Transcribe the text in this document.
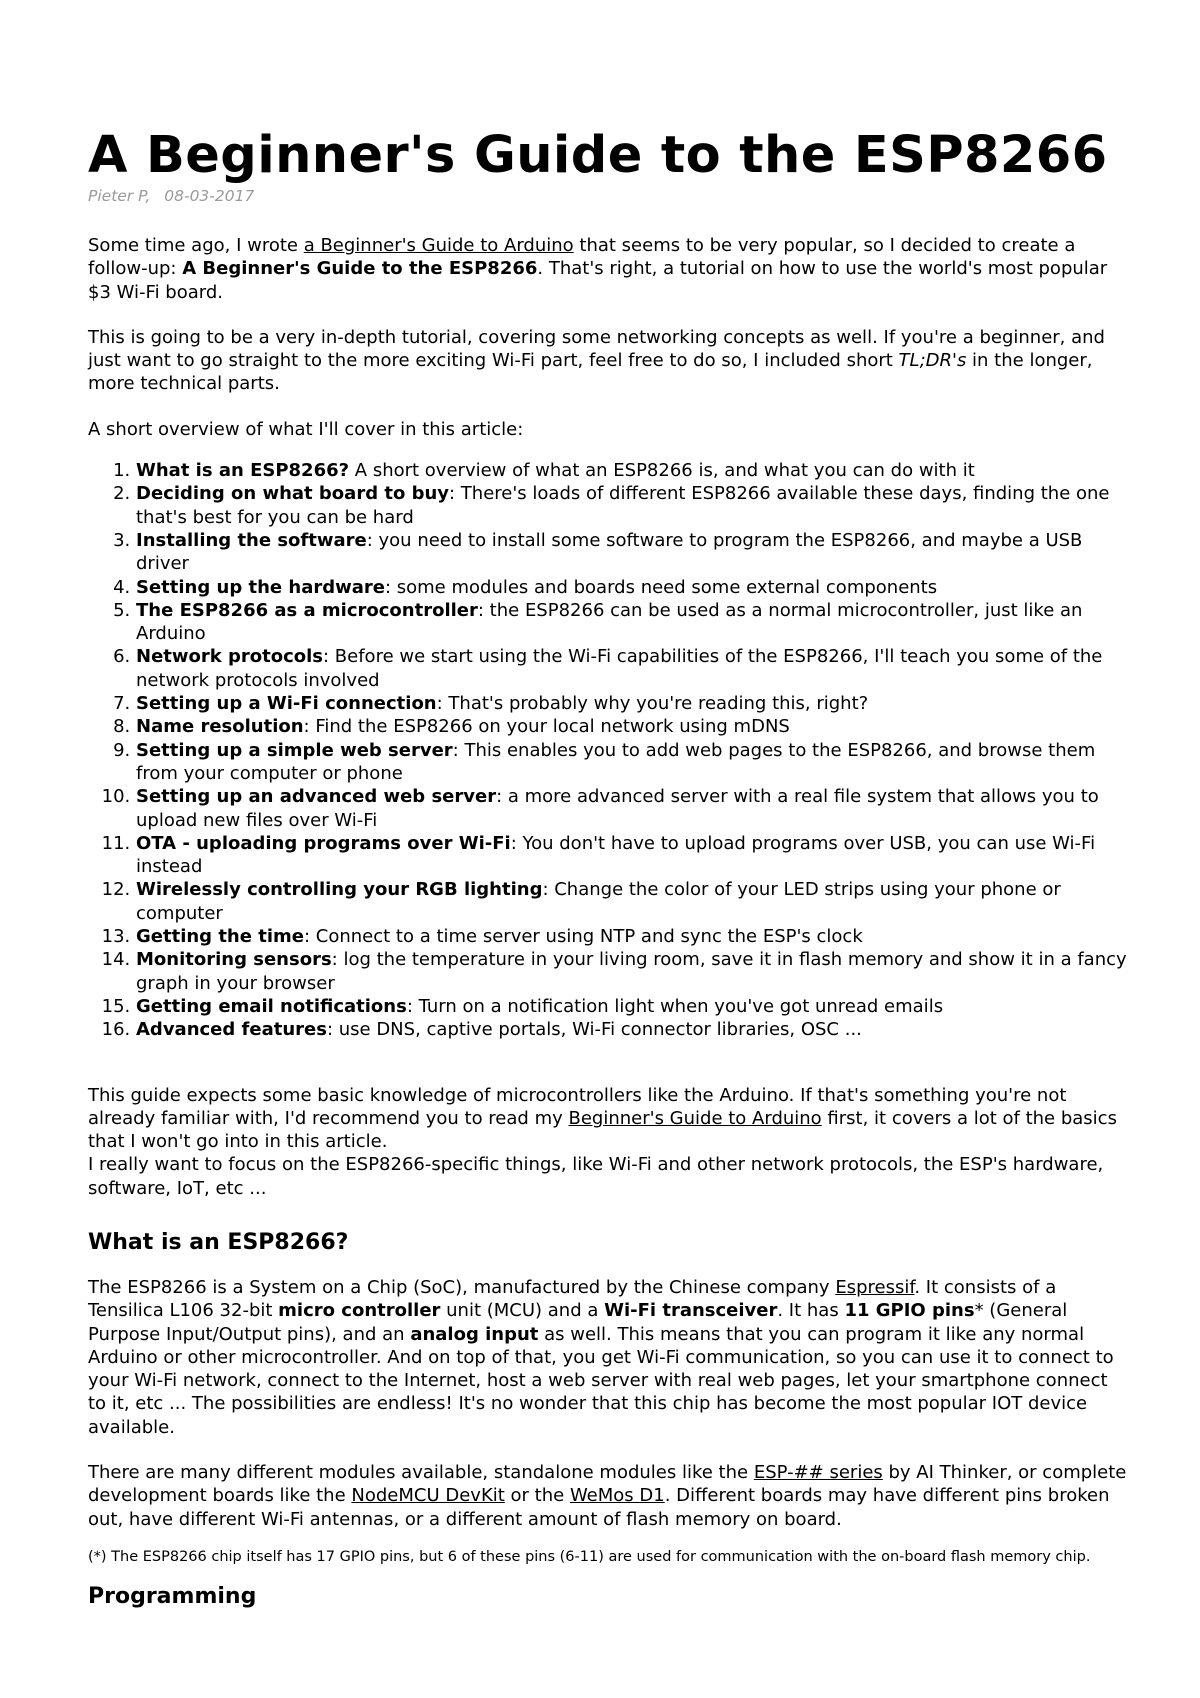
A Beginner's Guide to the ESP8266

Pieter P, 08-03-2017

Some time ago, I wrote a Beginner's Guide to Arduino that seems to be very popular, so I decided to create a follow-up: A Beginner's Guide to the ESP8266. That's right, a tutorial on how to use the world's most popular $3 Wi-Fi board.

This is going to be a very in-depth tutorial, covering some networking concepts as well. If you're a beginner, and just want to go straight to the more exciting Wi-Fi part, feel free to do so, I included short TL;DR's in the longer, more technical parts.

A short overview of what I'll cover in this article:

1. What is an ESP8266? A short overview of what an ESP8266 is, and what you can do with it
2. Deciding on what board to buy: There's loads of different ESP8266 available these days, finding the one that's best for you can be hard
3. Installing the software: you need to install some software to program the ESP8266, and maybe a USB driver
4. Setting up the hardware: some modules and boards need some external components
5. The ESP8266 as a microcontroller: the ESP8266 can be used as a normal microcontroller, just like an Arduino
6. Network protocols: Before we start using the Wi-Fi capabilities of the ESP8266, I'll teach you some of the network protocols involved
7. Setting up a Wi-Fi connection: That's probably why you're reading this, right?
8. Name resolution: Find the ESP8266 on your local network using mDNS
9. Setting up a simple web server: This enables you to add web pages to the ESP8266, and browse them from your computer or phone
10. Setting up an advanced web server: a more advanced server with a real file system that allows you to upload new files over Wi-Fi
11. OTA - uploading programs over Wi-Fi: You don't have to upload programs over USB, you can use Wi-Fi instead
12. Wirelessly controlling your RGB lighting: Change the color of your LED strips using your phone or computer
13. Getting the time: Connect to a time server using NTP and sync the ESP's clock
14. Monitoring sensors: log the temperature in your living room, save it in flash memory and show it in a fancy graph in your browser
15. Getting email notifications: Turn on a notification light when you've got unread emails
16. Advanced features: use DNS, captive portals, Wi-Fi connector libraries, OSC ...

This guide expects some basic knowledge of microcontrollers like the Arduino. If that's something you're not already familiar with, I'd recommend you to read my Beginner's Guide to Arduino first, it covers a lot of the basics that I won't go into in this article.
I really want to focus on the ESP8266-specific things, like Wi-Fi and other network protocols, the ESP's hardware, software, IoT, etc ...

What is an ESP8266?

The ESP8266 is a System on a Chip (SoC), manufactured by the Chinese company Espressif. It consists of a Tensilica L106 32-bit micro controller unit (MCU) and a Wi-Fi transceiver. It has 11 GPIO pins* (General Purpose Input/Output pins), and an analog input as well. This means that you can program it like any normal Arduino or other microcontroller. And on top of that, you get Wi-Fi communication, so you can use it to connect to your Wi-Fi network, connect to the Internet, host a web server with real web pages, let your smartphone connect to it, etc ... The possibilities are endless! It's no wonder that this chip has become the most popular IOT device available.

There are many different modules available, standalone modules like the ESP-## series by AI Thinker, or complete development boards like the NodeMCU DevKit or the WeMos D1. Different boards may have different pins broken out, have different Wi-Fi antennas, or a different amount of flash memory on board.

(*) The ESP8266 chip itself has 17 GPIO pins, but 6 of these pins (6-11) are used for communication with the on-board flash memory chip.

Programming
